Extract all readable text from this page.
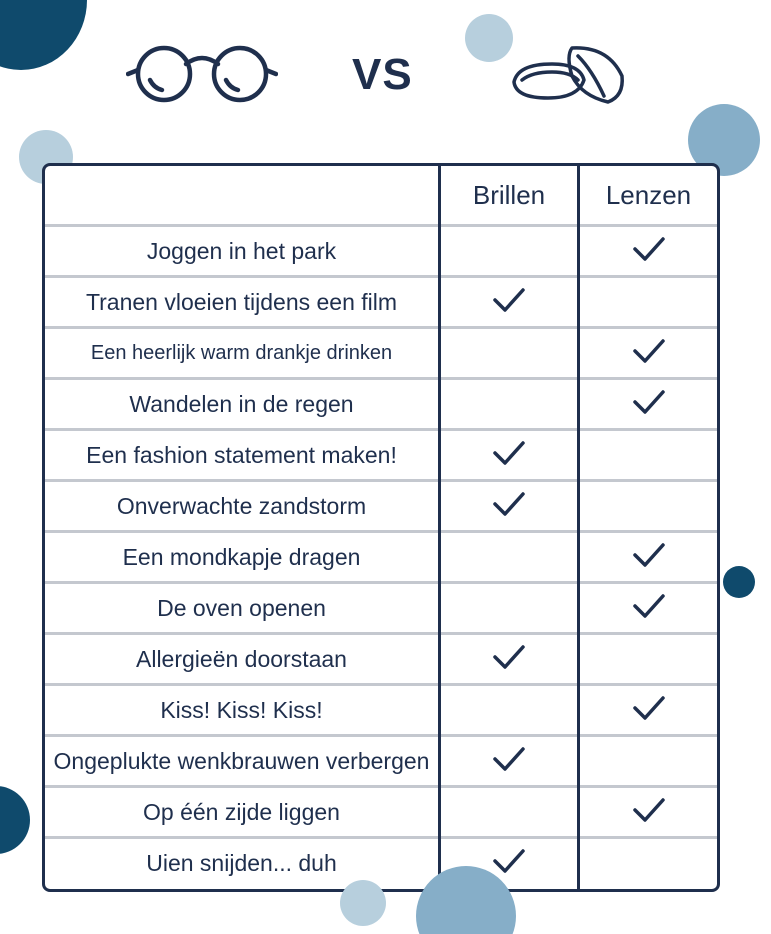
VS
Brillen	Lenzen
Joggen in het park
Tranen vloeien tijdens een film
Een heerlijk warm drankje drinken
Wandelen in de regen
Een fashion statement maken!
Onverwachte zandstorm
Een mondkapje dragen
De oven openen
Allergieën doorstaan
Kiss! Kiss! Kiss!
Ongeplukte wenkbrauwen verbergen
Op één zijde liggen
Uien snijden... duh
